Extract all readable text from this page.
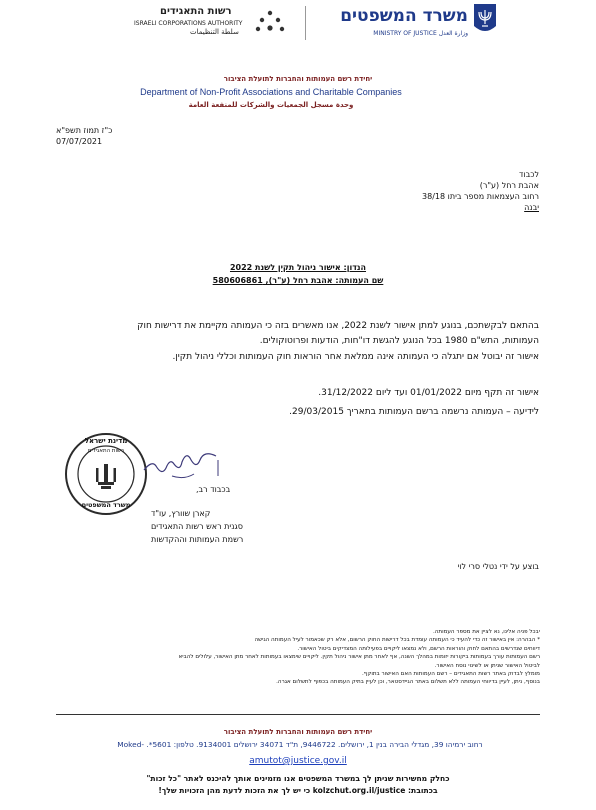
משרד המשפטים
MINISTRY OF JUSTICE وزارة العدل
רשות התאגידים
ISRAELI CORPORATIONS AUTHORITY
سلطة التنظيمات
יחידת רשם העמותות והחברות לתועלת הציבור
Department of Non-Profit Associations and Charitable Companies
وحدة مسجل الجمعيات والشركات للمنفعة العامة
כ"ז תמוז תשפ"א
07/07/2021
לכבוד
אהבת רחל (ע"ר)
רחוב העצמאות מספר ביתו 38/18
יבנה
הנדון: אישור ניהול תקין לשנת 2022
שם העמותה: אהבת רחל (ע"ר), 580606861
בהתאם לבקשתכם, בנוגע למתן אישור לשנת 2022, אנו מאשרים בזה כי העמותה מקיימת את דרישות חוק
העמותות, התש"ם 1980 בכל הנוגע להגשת דו"חות, הודעות ופרוטוקולים.
אישור זה יבוטל אם יתגלה כי העמותה אינה ממלאת אחר הוראות חוק העמותות וכללי ניהול תקין.
אישור זה תקף מיום 01/01/2022 ועד ליום 31/12/2022.
לידיעה – העמותה נרשמה ברשם העמותות בתאריך 29/03/2015.
מדינת ישראל
רשות התאגידים
משרד המשפטים
בכבוד רב,
קארן שוורץ, עו"ד
סגנית ראש רשות התאגידים
רשמת העמותות וההקדשות
בוצע על ידי נטלי סרי לוי
יבכל פניה אלינו, נא לציין את מספר העמותה.
* הבהרה: אין באישור זה כדי להעיד כי העמותה עומדת בכל דרישות החוק הרשום, אלא רק שכאמור לעיל העמותה הגישה
דיווחים שנדרשים בהתאם לחוק והוראות הרשם, ולא נמצאו ליקויים בפעילותה המצדיקים ביטול האישור.
רשם העמותות עורך בעמותות ביקורות יזומות במהלך השנה, אף לאחר מתן אישור ניהול תקין. ליקויים שימצאו בעמותות לאחר מתן האישור, עלולים להביא
לביטול האישור שניתן או לשינוי נוסח האישור.
מומלץ לבדוק באתר רשות התאגידים – רשם העמותות האם האישור בתוקף.
בנוסף, ניתן, לעיין בדיווחי העמותה ללא תשלום באתר הגיידסטאר, וכן לעיין בתיק העמותה בכפוף לתשלום אגרה.
יחידת רשם העמותות והחברות לתועלת הציבור
רחוב ירמיהו 39, מגדלי הבירה בנין 1, ירושלים. 9446722, ת"ד 34071 ירושלים 9134001. טלפון: 5601*. -Moked
amutot@justice.gov.il
כחלק מחשירות שניתן לך במשרד המשפטים אנו מזמינים אותך להיכנס לאתר "כל זכות"
בכתובת: kolzchut.org.il/justice כי יש לך את הזכות לדעת מהן הזכויות שלך!
